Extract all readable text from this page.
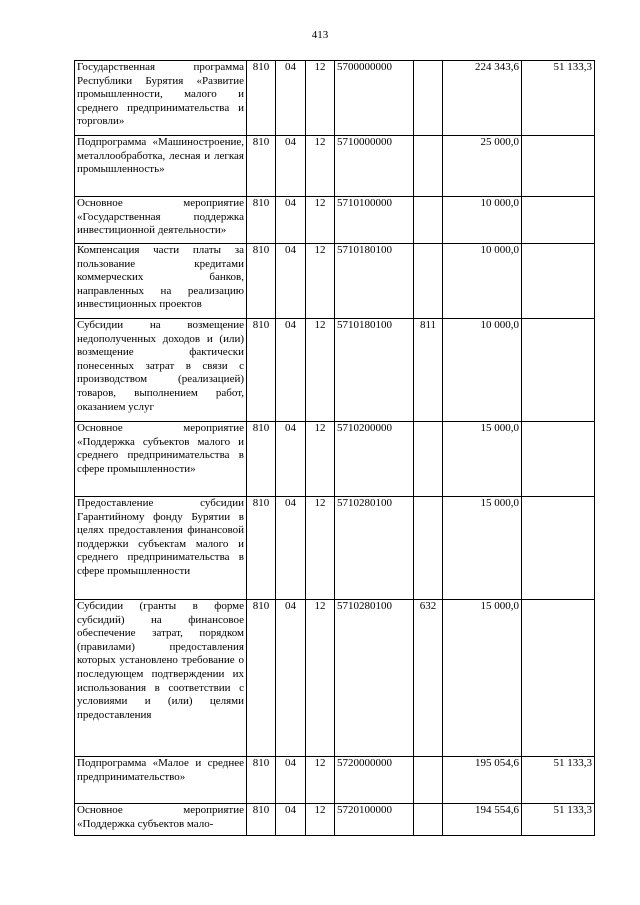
413
Государственная программа Республики Бурятия «Развитие промышленности, малого и среднего предпринимательства и торговли»	810	04	12	5700000000		224 343,6	51 133,3
Подпрограмма «Машиностроение, металлообработка, лесная и легкая промышленность»	810	04	12	5710000000		25 000,0	
Основное мероприятие «Государственная поддержка инвестиционной деятельности»	810	04	12	5710100000		10 000,0	
Компенсация части платы за пользование кредитами коммерческих банков, направленных на реализацию инвестиционных проектов	810	04	12	5710180100		10 000,0	
Субсидии на возмещение недополученных доходов и (или) возмещение фактически понесенных затрат в связи с производством (реализацией) товаров, выполнением работ, оказанием услуг	810	04	12	5710180100	811	10 000,0	
Основное мероприятие «Поддержка субъектов малого и среднего предпринимательства в сфере промышленности»	810	04	12	5710200000		15 000,0	
Предоставление субсидии Гарантийному фонду Бурятии в целях предоставления финансовой поддержки субъектам малого и среднего предпринимательства в сфере промышленности	810	04	12	5710280100		15 000,0	
Субсидии (гранты в форме субсидий) на финансовое обеспечение затрат, порядком (правилами) предоставления которых установлено требование о последующем подтверждении их использования в соответствии с условиями и (или) целями предоставления	810	04	12	5710280100	632	15 000,0	
Подпрограмма «Малое и среднее предпринимательство»	810	04	12	5720000000		195 054,6	51 133,3
Основное мероприятие «Поддержка субъектов мало-	810	04	12	5720100000		194 554,6	51 133,3
